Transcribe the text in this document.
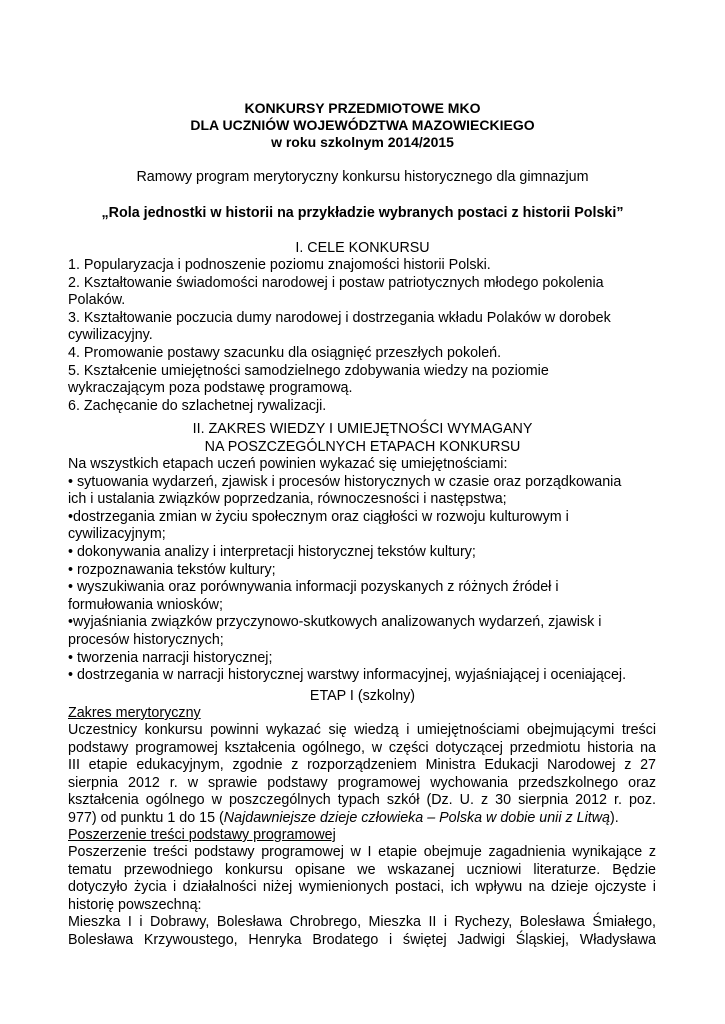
KONKURSY PRZEDMIOTOWE MKO
DLA UCZNIÓW WOJEWÓDZTWA MAZOWIECKIEGO
w roku szkolnym 2014/2015
Ramowy program merytoryczny konkursu historycznego dla gimnazjum
„Rola jednostki w historii na przykładzie wybranych postaci z historii Polski”
I. CELE KONKURSU
1. Popularyzacja i podnoszenie poziomu znajomości historii Polski.
2. Kształtowanie świadomości narodowej i postaw patriotycznych młodego pokolenia
Polaków.
3. Kształtowanie poczucia dumy narodowej i dostrzegania wkładu Polaków w dorobek
cywilizacyjny.
4. Promowanie postawy szacunku dla osiągnięć przeszłych pokoleń.
5. Kształcenie umiejętności samodzielnego zdobywania wiedzy na poziomie
wykraczającym poza podstawę programową.
6. Zachęcanie do szlachetnej rywalizacji.
II. ZAKRES WIEDZY I UMIEJĘTNOŚCI WYMAGANY
NA POSZCZEGÓLNYCH ETAPACH KONKURSU
Na wszystkich etapach uczeń powinien wykazać się umiejętnościami:
• sytuowania wydarzeń, zjawisk i procesów historycznych w czasie oraz porządkowania
ich i ustalania związków poprzedzania, równoczesności i następstwa;
•dostrzegania zmian w życiu społecznym oraz ciągłości w rozwoju kulturowym i
cywilizacyjnym;
• dokonywania analizy i interpretacji historycznej tekstów kultury;
• rozpoznawania tekstów kultury;
• wyszukiwania oraz porównywania informacji pozyskanych z różnych źródeł i
formułowania wniosków;
•wyjaśniania związków przyczynowo-skutkowych analizowanych wydarzeń, zjawisk i
procesów historycznych;
• tworzenia narracji historycznej;
• dostrzegania w narracji historycznej warstwy informacyjnej, wyjaśniającej i oceniającej.
ETAP I (szkolny)
Zakres merytoryczny
Uczestnicy konkursu powinni wykazać się wiedzą i umiejętnościami obejmującymi treści
podstawy programowej kształcenia ogólnego, w części dotyczącej przedmiotu historia na
III etapie edukacyjnym, zgodnie z rozporządzeniem Ministra Edukacji Narodowej z 27
sierpnia 2012 r. w sprawie podstawy programowej wychowania przedszkolnego oraz
kształcenia ogólnego w poszczególnych typach szkół (Dz. U. z 30 sierpnia 2012 r. poz.
977) od punktu 1 do 15 (Najdawniejsze dzieje człowieka – Polska w dobie unii z Litwą).
Poszerzenie treści podstawy programowej
Poszerzenie treści podstawy programowej w I etapie obejmuje zagadnienia wynikające z
tematu przewodniego konkursu opisane we wskazanej uczniowi literaturze. Będzie
dotyczyło życia i działalności niżej wymienionych postaci, ich wpływu na dzieje ojczyste i
historię powszechną:
Mieszka I i Dobrawy, Bolesława Chrobrego, Mieszka II i Rychezy, Bolesława Śmiałego,
Bolesława Krzywoustego, Henryka Brodatego i świętej Jadwigi Śląskiej, Władysława
